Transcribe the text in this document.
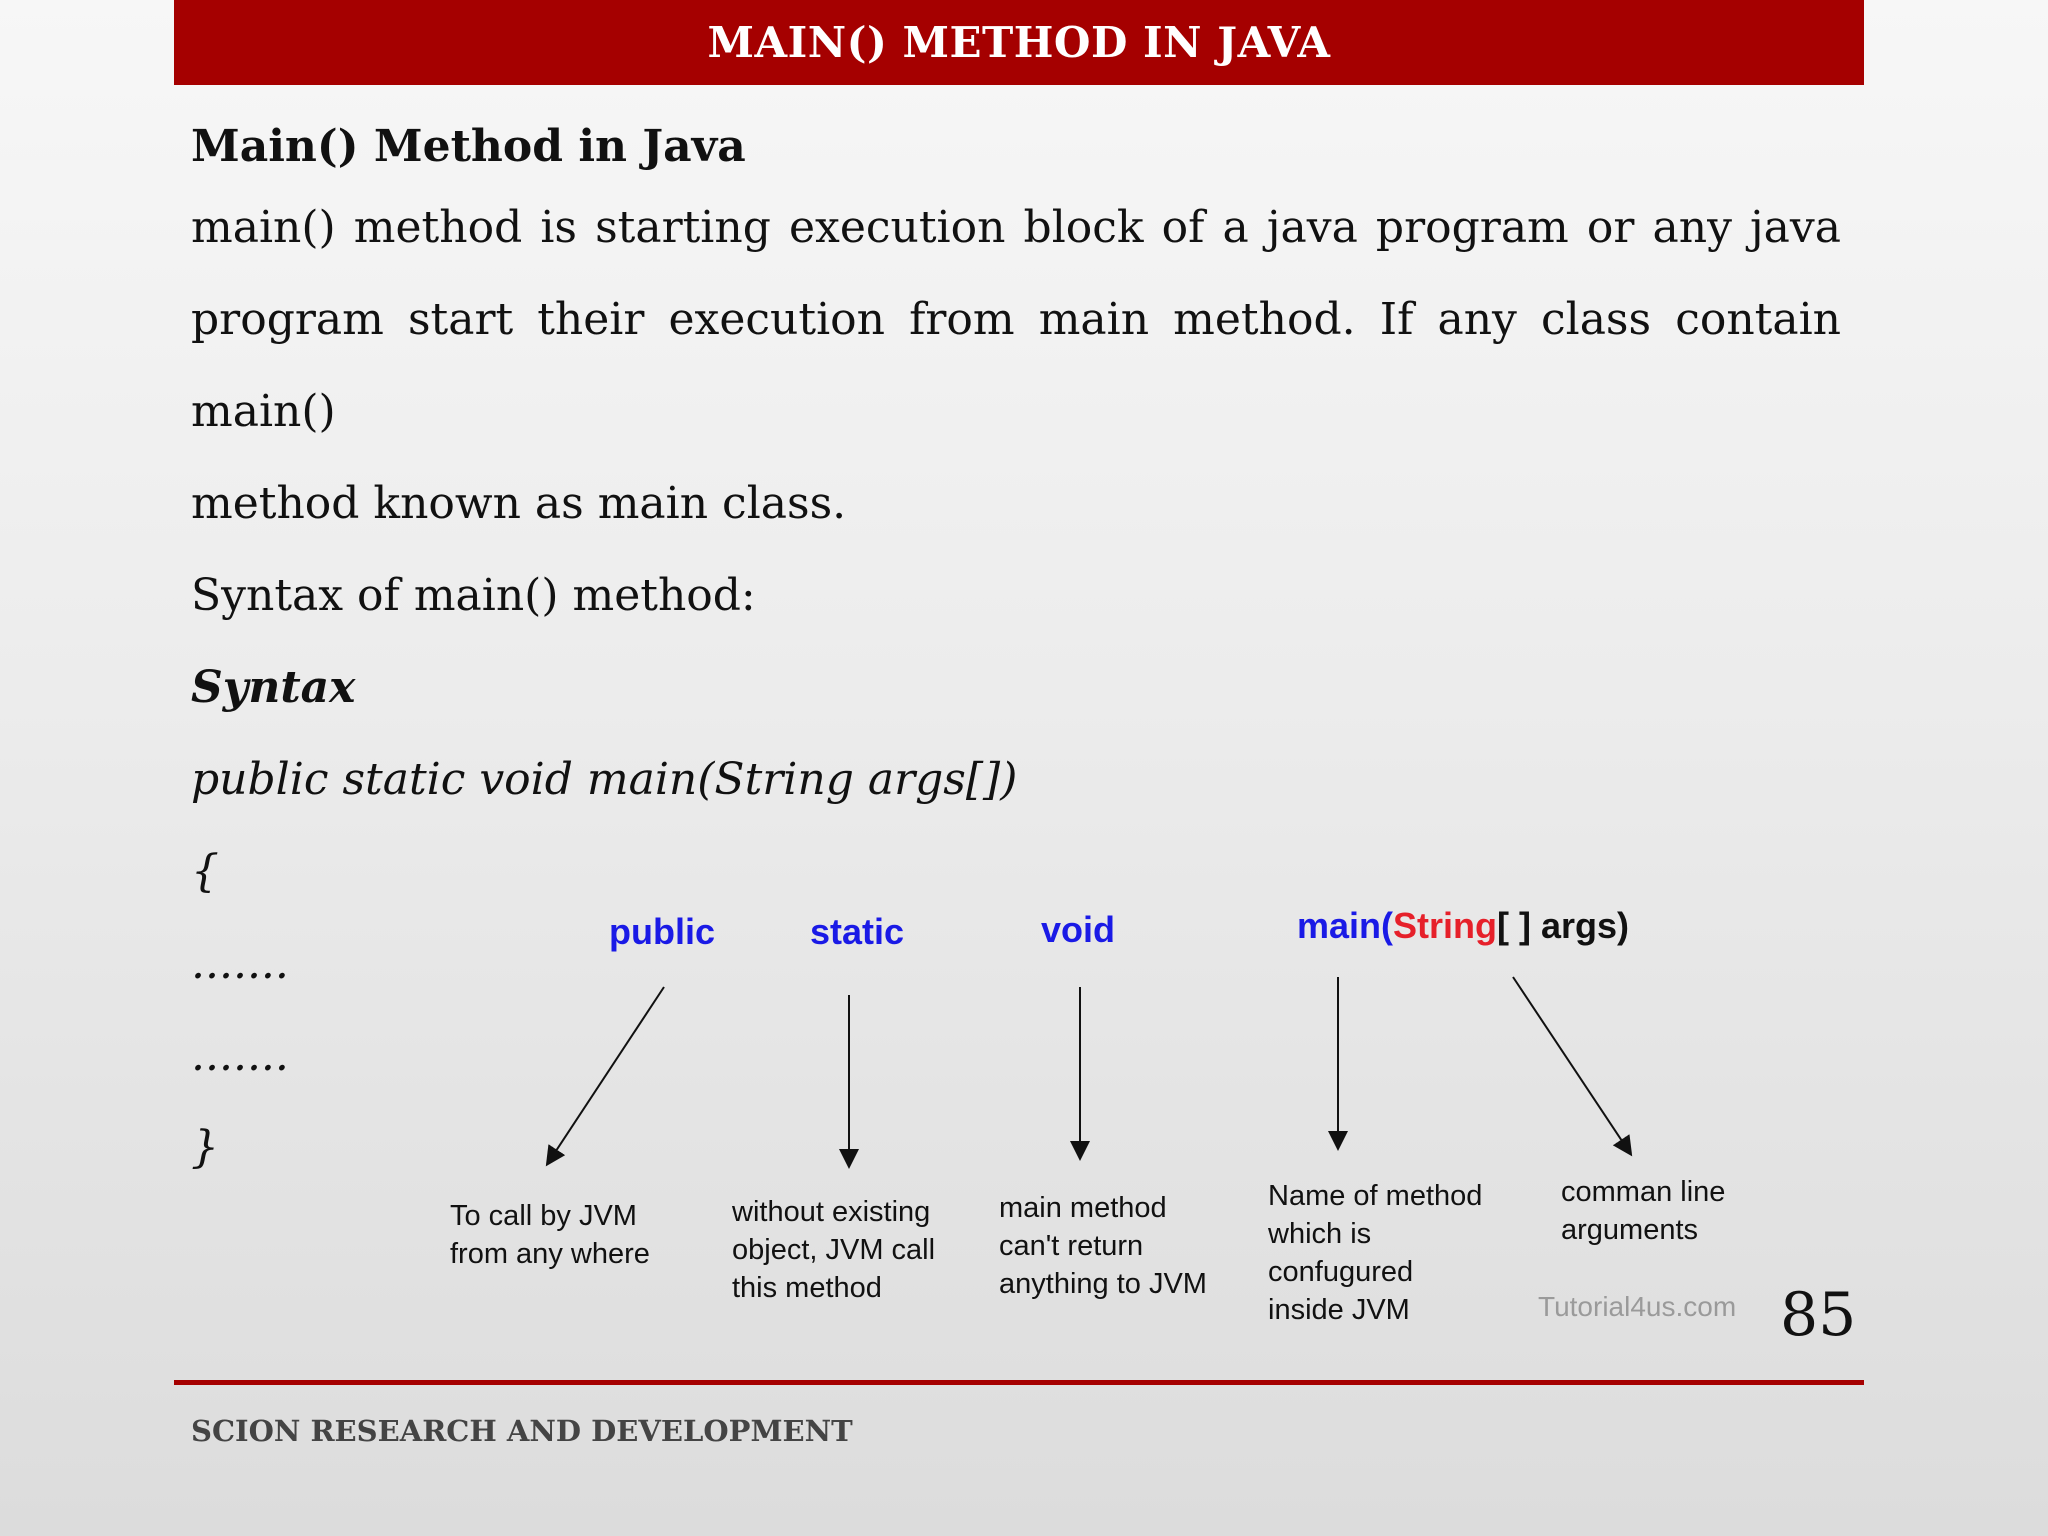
MAIN() METHOD IN JAVA

Main() Method in Java

main() method is starting execution block of a java program or any java

program start their execution from main method. If any class contain main()

method known as main class.

Syntax of main() method:

Syntax

public static void main(String args[])

{

.......

.......

}

public	static	void	main(String[ ] args)
To call by JVM
from any where
without existing
object, JVM call
this method
main method
can't return
anything to JVM
Name of method
which is
confugured
inside JVM
comman line
arguments
Tutorial4us.com 85
SCION RESEARCH AND DEVELOPMENT
